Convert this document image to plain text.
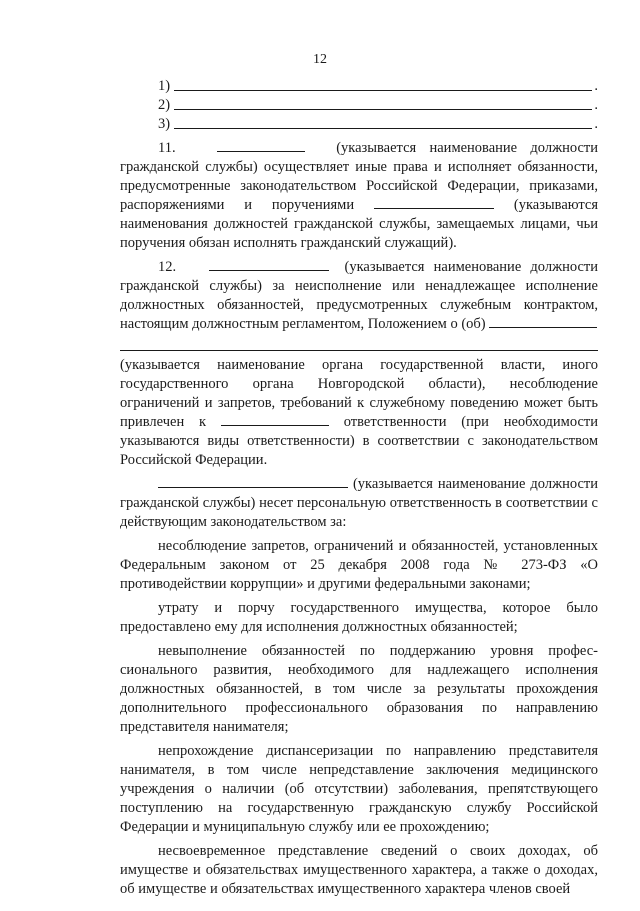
12
1)	.
2)	.
3)	.

11.	(указывается наименование должности гражданской службы) осуществляет иные права и исполняет обязанности, предусмотренные законодательством Российской Федерации, приказами, распоряжениями и поручениями	(указываются наименования должностей гражданской службы, замещаемых лицами, чьи поручения обязан исполнять гражданский служащий).

12.	(указывается наименование должности гражданской службы) за неисполнение или ненадлежащее исполнение должностных обязанностей, предусмотренных служебным контрактом, настоящим должностным регламентом, Положением о (об)

(указывается наименование органа государственной власти, иного государственного органа Новгородской области), несоблюдение ограничений и запретов, требований к служебному поведению может быть привлечен к	ответственности (при необходимости указываются виды ответственности) в соответствии с законодательством Российской Федерации.

(указывается наименование должности гражданской службы) несет персональную ответственность в соответствии с действующим законодательством за:

несоблюдение запретов, ограничений и обязанностей, установленных Федеральным законом от 25 декабря 2008 года № 273-ФЗ «О противодействии коррупции» и другими федеральными законами;

утрату и порчу государственного имущества, которое было предоставлено ему для исполнения должностных обязанностей;

невыполнение обязанностей по поддержанию уровня профессионального развития, необходимого для надлежащего исполнения должностных обязанностей, в том числе за результаты прохождения дополнительного профессионального образования по направлению представителя нанимателя;

непрохождение диспансеризации по направлению представителя нанимателя, в том числе непредставление заключения медицинского учреждения о наличии (об отсутствии) заболевания, препятствующего поступлению на государственную гражданскую службу Российской Федерации и муниципальную службу или ее прохождению;

несвоевременное представление сведений о своих доходах, об имуществе и обязательствах имущественного характера, а также о доходах, об имуществе и обязательствах имущественного характера членов своей
